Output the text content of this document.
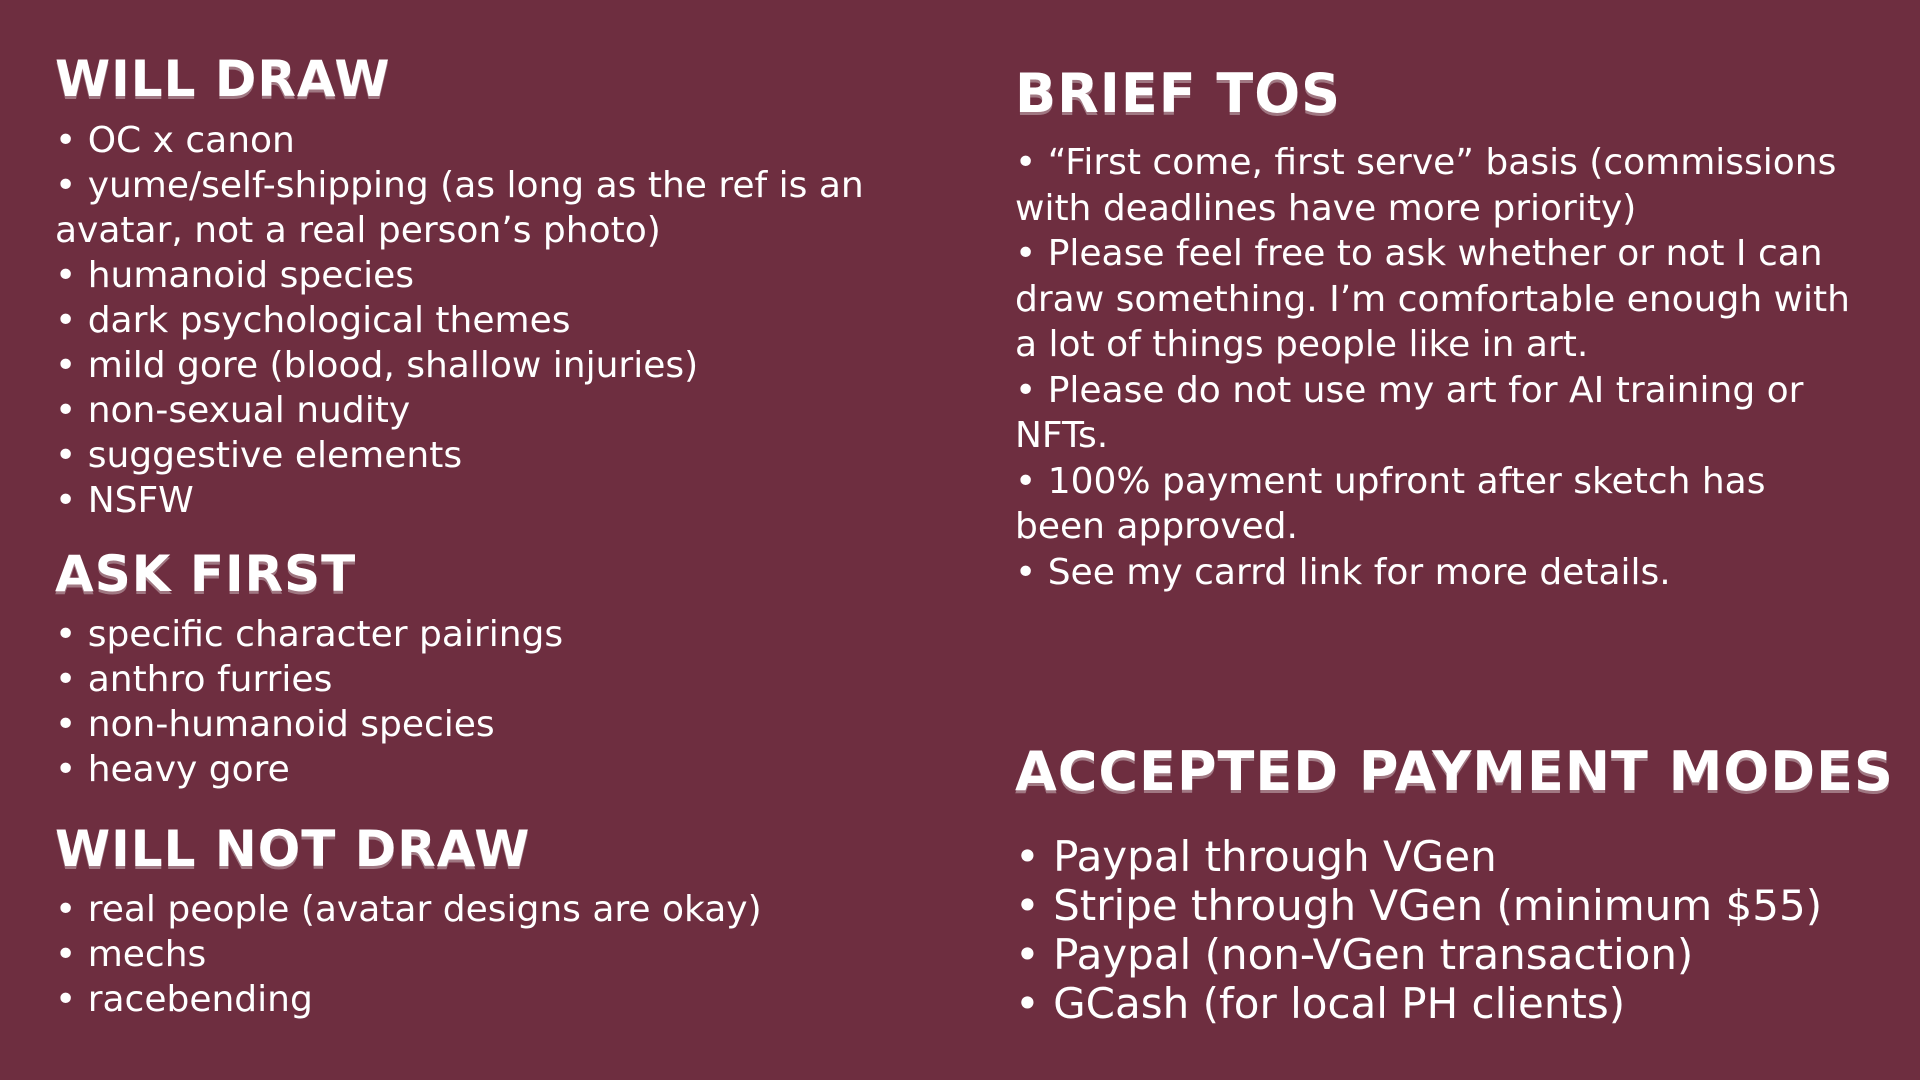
WILL DRAW
• OC x canon
• yume/self-shipping (as long as the ref is an avatar, not a real person’s photo)
• humanoid species
• dark psychological themes
• mild gore (blood, shallow injuries)
• non-sexual nudity
• suggestive elements
• NSFW
ASK FIRST
• specific character pairings
• anthro furries
• non-humanoid species
• heavy gore
WILL NOT DRAW
• real people (avatar designs are okay)
• mechs
• racebending
BRIEF TOS
• “First come, first serve” basis (commissions with deadlines have more priority)
• Please feel free to ask whether or not I can draw something. I’m comfortable enough with a lot of things people like in art.
• Please do not use my art for AI training or NFTs.
• 100% payment upfront after sketch has been approved.
• See my carrd link for more details.
ACCEPTED PAYMENT MODES
• Paypal through VGen
• Stripe through VGen (minimum $55)
• Paypal (non-VGen transaction)
• GCash (for local PH clients)
